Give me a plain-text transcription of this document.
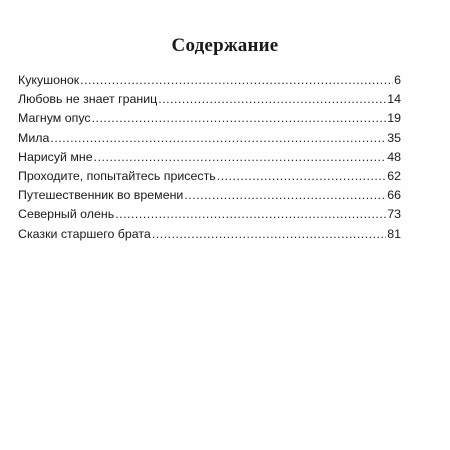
Содержание
Кукушонок .....	6
Любовь не знает границ .....	14
Магнум опус .....	19
Мила .....	35
Нарисуй мне .....	48
Проходите, попытайтесь присесть .....	62
Путешественник во времени .....	66
Северный олень .....	73
Сказки старшего брата .....	81
